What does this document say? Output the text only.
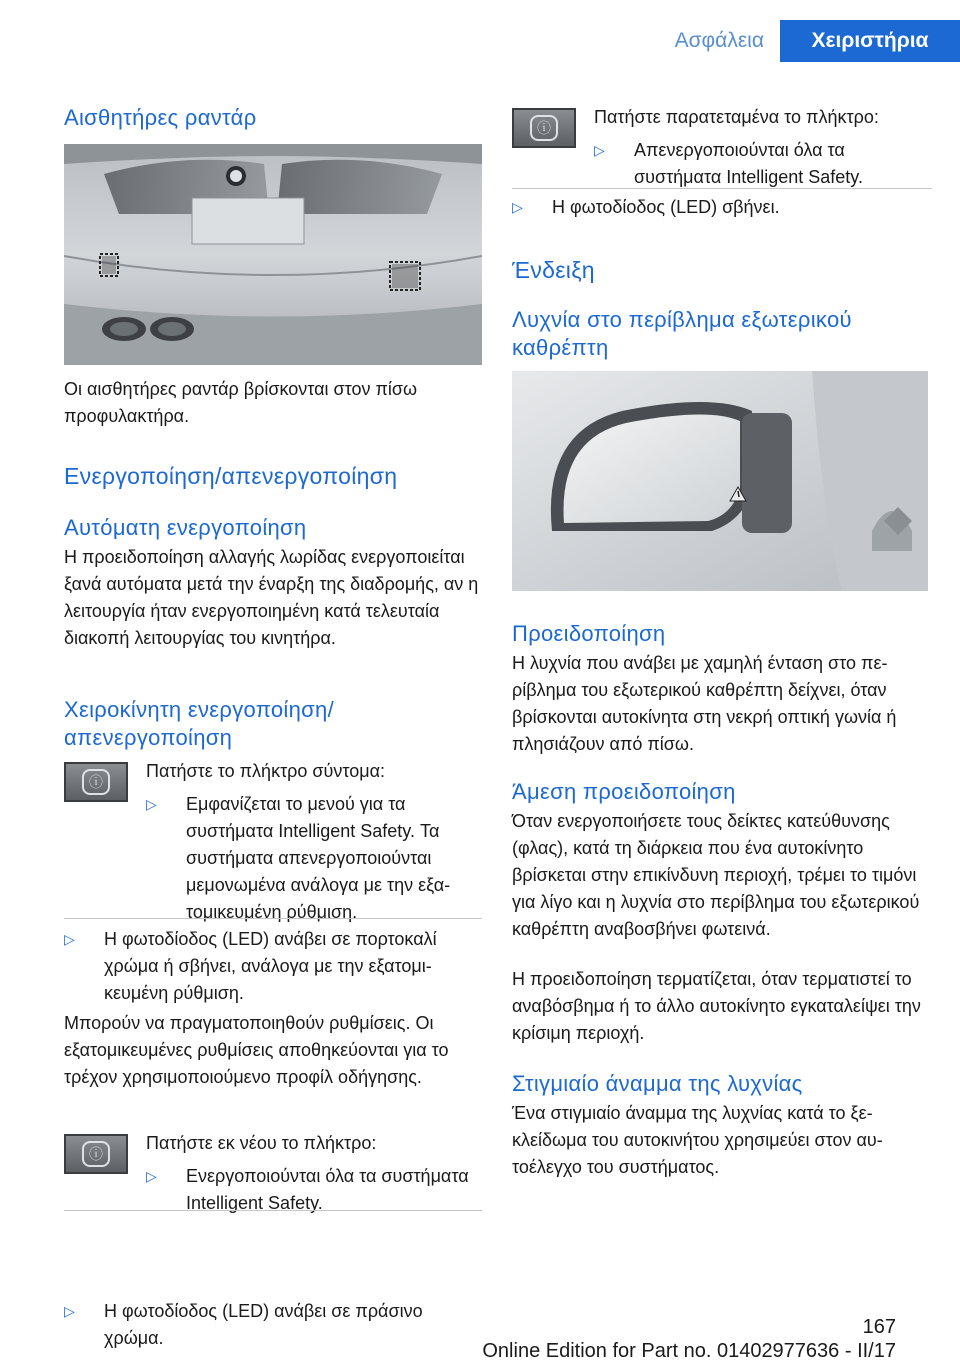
Ασφάλεια	Χειριστήρια
Αισθητήρες ραντάρ

Οι αισθητήρες ραντάρ βρίσκονται στον πίσω προφυλακτήρα.

Ενεργοποίηση/απενεργοποίηση
Αυτόματη ενεργοποίηση

Η προειδοποίηση αλλαγής λωρίδας ενεργοποιείται ξανά αυτόματα μετά την έναρξη της διαδρομής, αν η λειτουργία ήταν ενεργοποιημένη κατά τελευταία διακοπή λειτουργίας του κινητήρα.

Χειροκίνητη ενεργοποίηση/ απενεργοποίηση
ⓘ

Πατήστε το πλήκτρο σύντομα:

▷ Εμφανίζεται το μενού για τα συστήματα Intelligent Safety. Τα συστήματα απενεργοποιούνται μεμονωμένα ανάλογα με την εξατομικευμένη ρύθμιση.
▷ Η φωτοδίοδος (LED) ανάβει σε πορτοκαλί χρώμα ή σβήνει, ανάλογα με την εξατομικευμένη ρύθμιση.

Μπορούν να πραγματοποιηθούν ρυθμίσεις. Οι εξατομικευμένες ρυθμίσεις αποθηκεύονται για το τρέχον χρησιμοποιούμενο προφίλ οδήγησης.

ⓘ

Πατήστε εκ νέου το πλήκτρο:

▷ Ενεργοποιούνται όλα τα συστήματα Intelligent Safety.
▷ Η φωτοδίοδος (LED) ανάβει σε πράσινο χρώμα.
ⓘ

Πατήστε παρατεταμένα το πλήκτρο:

▷ Απενεργοποιούνται όλα τα συστήματα Intelligent Safety.
▷ Η φωτοδίοδος (LED) σβήνει.
Ένδειξη
Λυχνία στο περίβλημα εξωτερικού καθρέπτη
Προειδοποίηση

Η λυχνία που ανάβει με χαμηλή ένταση στο περίβλημα του εξωτερικού καθρέπτη δείχνει, όταν βρίσκονται αυτοκίνητα στη νεκρή οπτική γωνία ή πλησιάζουν από πίσω.

Άμεση προειδοποίηση

Όταν ενεργοποιήσετε τους δείκτες κατεύθυνσης (φλας), κατά τη διάρκεια που ένα αυτοκίνητο βρίσκεται στην επικίνδυνη περιοχή, τρέμει το τιμόνι για λίγο και η λυχνία στο περίβλημα του εξωτερικού καθρέπτη αναβοσβήνει φωτεινά.

Η προειδοποίηση τερματίζεται, όταν τερματιστεί το αναβόσβημα ή το άλλο αυτοκίνητο εγκαταλείψει την κρίσιμη περιοχή.

Στιγμιαίο άναμμα της λυχνίας

Ένα στιγμιαίο άναμμα της λυχνίας κατά το ξεκλείδωμα του αυτοκινήτου χρησιμεύει στον αυτοέλεγχο του συστήματος.

167
Online Edition for Part no. 01402977636 - II/17
